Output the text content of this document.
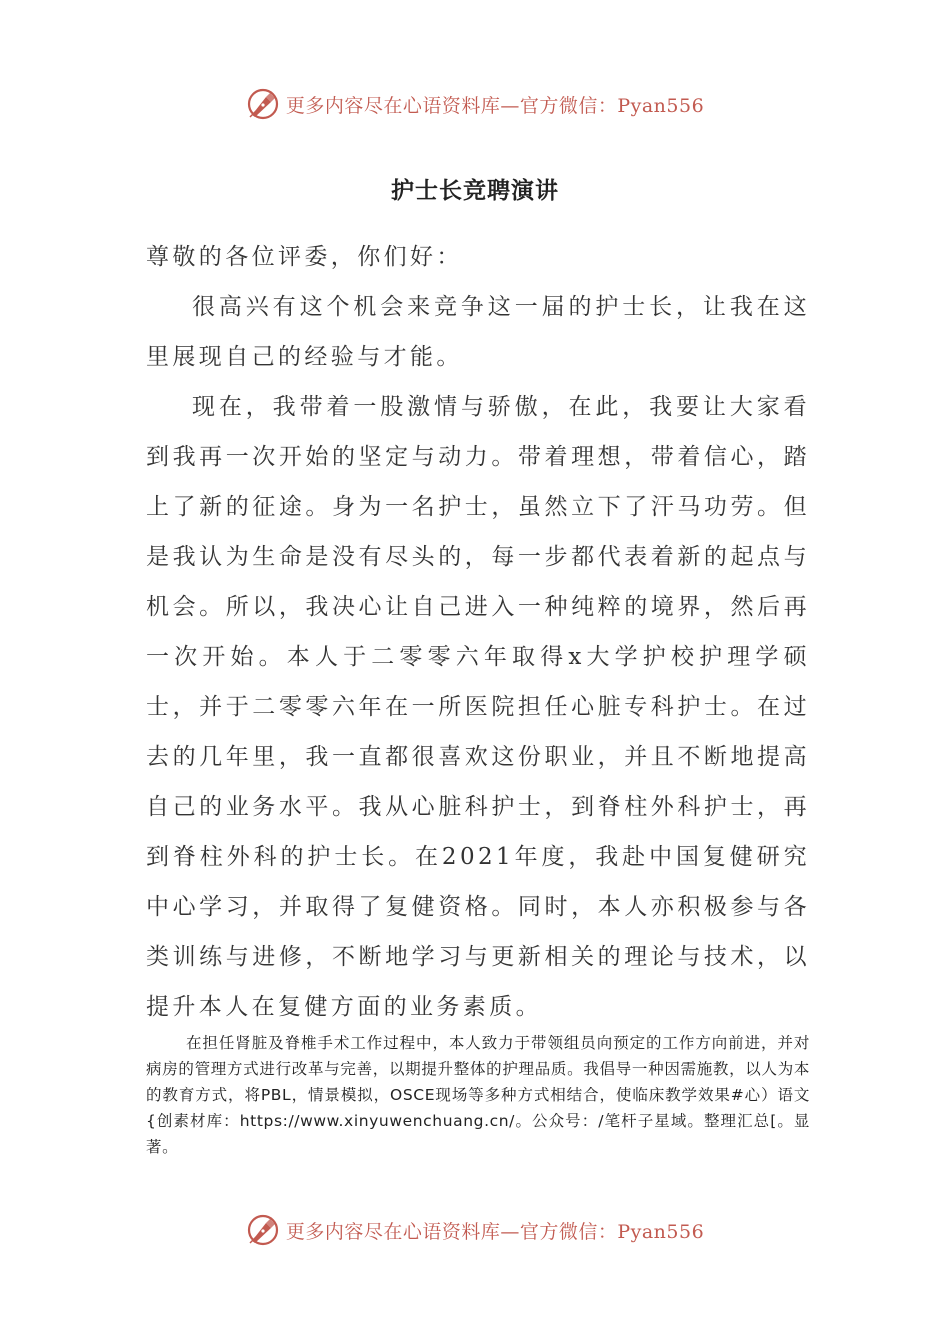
更多内容尽在心语资料库—官方微信：Pyan556
护士长竞聘演讲

尊敬的各位评委，你们好：

很高兴有这个机会来竞争这一届的护士长，让我在这里展现自己的经验与才能。

现在，我带着一股激情与骄傲，在此，我要让大家看到我再一次开始的坚定与动力。带着理想，带着信心，踏上了新的征途。身为一名护士，虽然立下了汗马功劳。但是我认为生命是没有尽头的，每一步都代表着新的起点与机会。所以，我决心让自己进入一种纯粹的境界，然后再一次开始。本人于二零零六年取得x大学护校护理学硕士，并于二零零六年在一所医院担任心脏专科护士。在过去的几年里，我一直都很喜欢这份职业，并且不断地提高自己的业务水平。我从心脏科护士，到脊柱外科护士，再到脊柱外科的护士长。在2021年度，我赴中国复健研究中心学习，并取得了复健资格。同时，本人亦积极参与各类训练与进修，不断地学习与更新相关的理论与技术，以提升本人在复健方面的业务素质。

在担任肾脏及脊椎手术工作过程中，本人致力于带领组员向预定的工作方向前进，并对病房的管理方式进行改革与完善，以期提升整体的护理品质。我倡导一种因需施教，以人为本的教育方式，将PBL，情景模拟，OSCE现场等多种方式相结合，使临床教学效果#心）语文{创素材库：https://www.xinyuwenchuang.cn/。公众号：/笔杆子星域。整理汇总[。显著。
更多内容尽在心语资料库—官方微信：Pyan556
